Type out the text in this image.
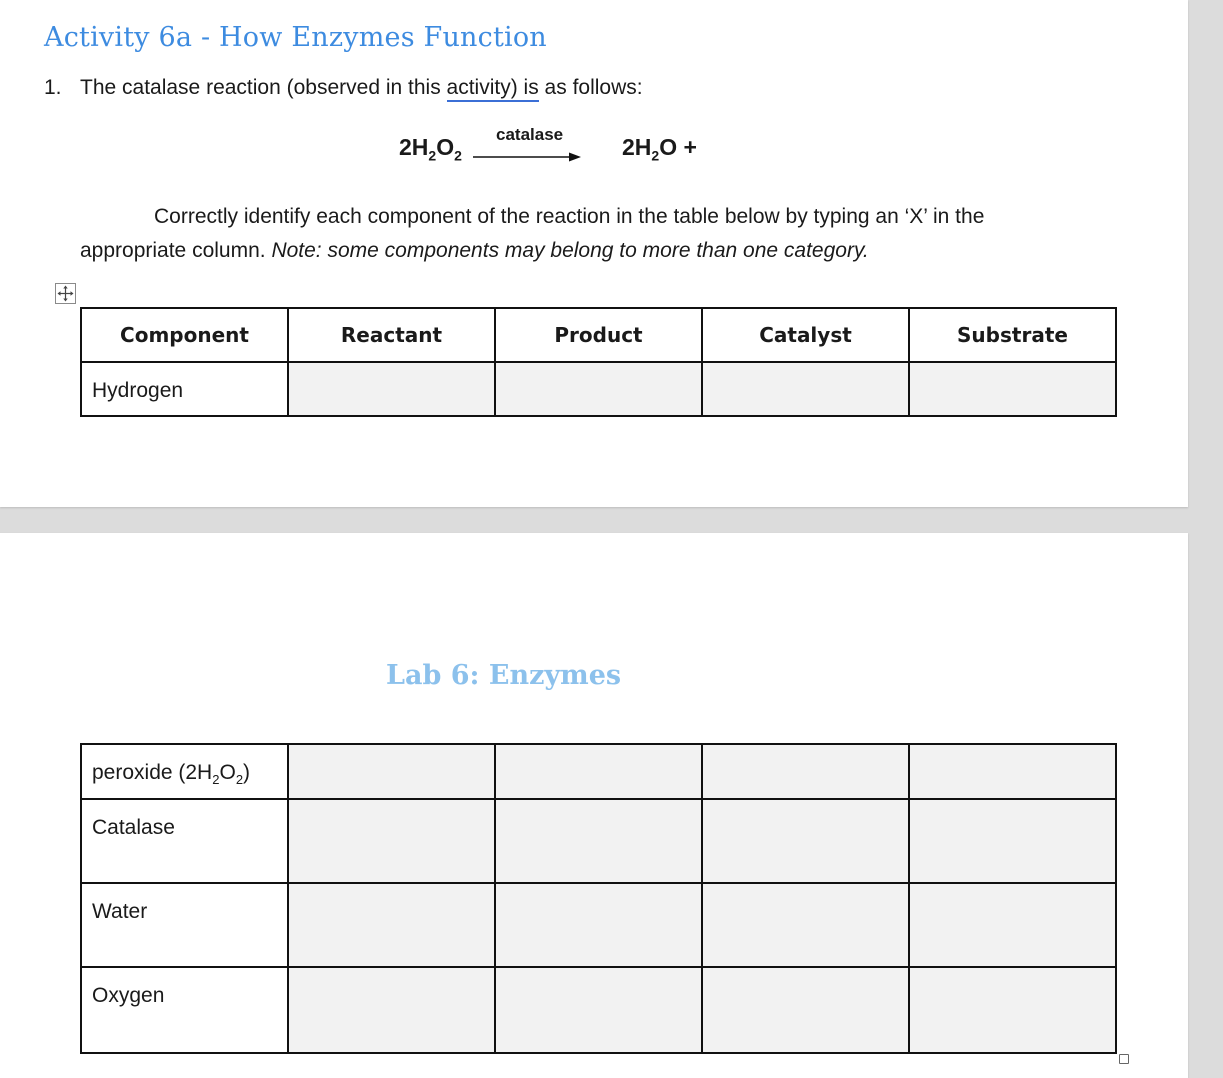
Activity 6a - How Enzymes Function
1. The catalase reaction (observed in this activity) is as follows:
$2H_2O_2$
catalase	$2H_2O$ +
Correctly identify each component of the reaction in the table below by typing an ‘X’ in the
appropriate column. Note: some components may belong to more than one category.
Component	Reactant	Product	Catalyst	Substrate
Hydrogen				
Lab 6: Enzymes
peroxide $(2H_2O_2)$				
Catalase				
Water				
Oxygen				
